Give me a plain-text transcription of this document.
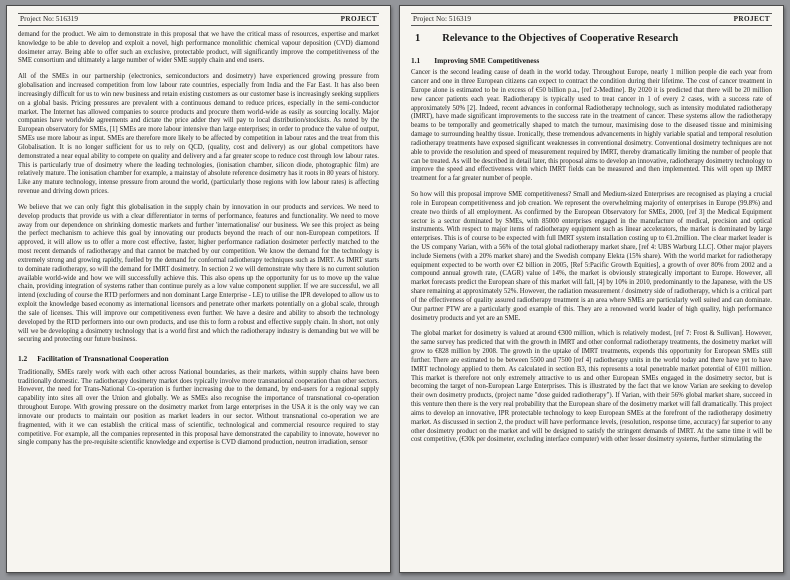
Project No: 516319	PROJECT

demand for the product. We aim to demonstrate in this proposal that we have the critical mass of resources, expertise and market knowledge to be able to develop and exploit a novel, high performance monolithic chemical vapour deposition (CVD) diamond dosimeter array. Being able to offer such an exclusive, protectable product, will significantly improve the competitiveness of the SME consortium and ultimately a large number of wider SME supply chain and end users.

All of the SMEs in our partnership (electronics, semiconductors and dosimetry) have experienced growing pressure from globalisation and increased competition from low labour rate countries, especially from India and the Far East. It has also been increasingly difficult for us to win new business and retain existing customers as our customer base is increasingly seeking suppliers on a global basis. Pricing pressures are prevalent with a continuous demand to reduce prices, especially in the semi-conductor market. The Internet has allowed companies to source products and procure them world-wide as easily as sourcing locally. Major companies have worldwide agreements and dictate the price adder they will pay to local distribution/stockists. As noted by the European observatory for SMEs, [1] SMEs are more labour intensive than large enterprises; in order to produce the value of output, SMEs use more labour as input. SMEs are therefore more likely to be affected by competition in labour rates and the treat from this Globalisation. It is no longer sufficient for us to rely on QCD, (quality, cost and delivery) as our global competitors have demonstrated a near equal ability to compete on quality and delivery and a far greater scope to reduce cost through low labour rates. This is particularly true of dosimetry where the leading technologies, (ionisation chamber, silicon diode, photographic film) are relatively mature. The ionisation chamber for example, a mainstay of absolute reference dosimetry has it roots in 80 years of history. Like any mature technology, intense pressure from around the world, (particularly those regions with low labour rates) is affecting revenue and driving down prices.

We believe that we can only fight this globalisation in the supply chain by innovation in our products and services. We need to develop products that provide us with a clear differentiator in terms of performance, features and functionality. We need to move away from our dependence on shrinking domestic markets and further 'internationalise' our business. We see this project as being the perfect mechanism to achieve this goal by innovating our products beyond the reach of our non-European competitors. If approved, it will allow us to offer a more cost effective, faster, higher performance radiation dosimeter perfectly matched to the most recent demands of radiotherapy and that cannot be matched by our competition. We know the demand for the technology is extremely strong and growing rapidly, fuelled by the demand for conformal radiotherapy techniques such as IMRT. As IMRT starts to dominate radiotherapy, so will the demand for IMRT dosimetry. In section 2 we will demonstrate why there is no current solution available world-wide and how we will successfully achieve this. This also opens up the opportunity for us to move up the value chain, providing integration of systems rather than continue purely as a low value component supplier. If we are successful, we all intend (excluding of course the RTD performers and non dominant Large Enterprise - LE) to utilise the IPR developed to allow us to exploit the knowledge based economy as international licensors and penetrate other markets potentially on a global scale, through the sale of licenses. This will improve our competitiveness even further. We have a desire and ability to absorb the technology developed by the RTD performers into our own products, and use this to form a robust and effective supply chain. In short, not only will we be developing a dosimetry technology that is a world first and which the radiotherapy industry is demanding but we will be securing and protecting our future business.

1.2 Facilitation of Transnational Cooperation

Traditionally, SMEs rarely work with each other across National boundaries, as their markets, within supply chains have been traditionally domestic. The radiotherapy dosimetry market does typically involve more transnational cooperation than other sectors. However, the need for Trans-National Co-operation is further increasing due to the demand, by end-users for a regional supply capability into sites all over the Union and globally. We as SMEs also recognise the importance of transnational co-operation throughout Europe. With growing pressure on the dosimetry market from large enterprises in the USA it is the only way we can innovate our products to maintain our position as market leaders in our sector. Without transnational co-operation we are fragmented, with it we can establish the critical mass of scientific, technological and commercial resource required to stay competitive. For example, all the companies represented in this proposal have demonstrated the capability to innovate, however no single company has the pre-requisite scientific knowledge and expertise is CVD diamond production, neutron irradiation, sensor

Project No: 516319	PROJECT
1 Relevance to the Objectives of Cooperative Research
1.1 Improving SME Competitiveness

Cancer is the second leading cause of death in the world today. Throughout Europe, nearly 1 million people die each year from cancer and one in three European citizens can expect to contract the condition during their lifetime. The cost of cancer treatment in Europe alone is estimated to be in excess of €50 billion p.a., [ref 2-Medline]. By 2020 it is predicted that there will be 20 million new cancer patients each year. Radiotherapy is typically used to treat cancer in 1 of every 2 cases, with a success rate of approximately 50% [2]. Indeed, recent advances in conformal Radiotherapy technology, such as intensity modulated radiotherapy (IMRT), have made significant improvements to the success rate in the treatment of cancer. These systems allow the radiotherapy beams to be temporally and geometrically shaped to match the tumour, maximising dose to the diseased tissue and minimising damage to surrounding healthy tissue. Ironically, these tremendous advancements in highly variable spatial and temporal resolution radiotherapy treatments have exposed significant weaknesses in conventional dosimetry. Conventional dosimetry techniques are not able to provide the resolution and speed of measurement required by IMRT, thereby dramatically limiting the number of people that can be treated. As will be described in detail later, this proposal aims to develop an innovative, radiotherapy dosimetry technology to improve the speed and effectiveness with which IMRT fields can be measured and then implemented. This will open up IMRT treatment for a far greater number of people.

So how will this proposal improve SME competitiveness? Small and Medium-sized Enterprises are recognised as playing a crucial role in European competitiveness and job creation. We represent the overwhelming majority of enterprises in Europe (99.8%) and create two thirds of all employment. As confirmed by the European Observatory for SMEs, 2000, [ref 3] the Medical Equipment sector is a sector dominated by SMEs, with 85000 enterprises engaged in the manufacture of medical, precision and optical instruments. With respect to major items of radiotherapy equipment such as linear accelerators, the market is dominated by large enterprises. This is of course to be expected with full IMRT system installation costing up to €1.2million. The clear market leader is the US company Varian, with a 56% of the total global radiotherapy market share, [ref 4: UBS Warburg LLC]. Other major players include Siemens (with a 20% market share) and the Swedish company Elekta (15% share). With the world market for radiotherapy equipment expected to be worth over €2 billion in 2005, [Ref 5:Pacific Growth Equities], a growth of over 80% from 2002 and a compound annual growth rate, (CAGR) value of 14%, the market is obviously strategically important to Europe. However, all market forecasts predict the European share of this market will fall, [4] by 10% in 2010, predominantly to the Japanese, with the US share remaining at approximately 52%. However, the radiation measurement / dosimetry side of radiotherapy, which is a critical part of the effectiveness of quality assured radiotherapy treatment is an area where SMEs are particularly well suited and can dominate. Our partner PTW are a particularly good example of this. They are a renowned world leader of high quality, high performance dosimetry products and yet are an SME.

The global market for dosimetry is valued at around €300 million, which is relatively modest, [ref 7: Frost & Sullivan]. However, the same survey has predicted that with the growth in IMRT and other conformal radiotherapy treatments, the dosimetry market will grow to €828 million by 2008. The growth in the uptake of IMRT treatments, expends this opportunity for European SMEs still further. There are estimated to be between 5500 and 7500 [ref 4] radiotherapy units in the world today and there have yet to have IMRT technology applied to them. As calculated in section B3, this represents a total penetrable market potential of €101 million. This market is therefore not only extremely attractive to us and other European SMEs engaged in the dosimetry sector, but is becoming the target of non-European Large Enterprises. This is illustrated by the fact that we know Varian are seeking to develop their own dosimetry products, (project name "dose guided radiotherapy"). If Varian, with their 56% global market share, succeed in this venture then there is the very real probability that the European share of the dosimetry market will fall dramatically. This project aims to develop an innovative, IPR protectable technology to keep European SMEs at the forefront of the radiotherapy dosimetry market. As discussed in section 2, the product will have performance levels, (resolution, response time, accuracy) far superior to any other dosimetry product on the market and will be designed to satisfy the stringent demands of IMRT. At the same time it will be cost competitive, (€30k per dosimeter, excluding interface computer) with other lesser dosimetry systems, further stimulating the
